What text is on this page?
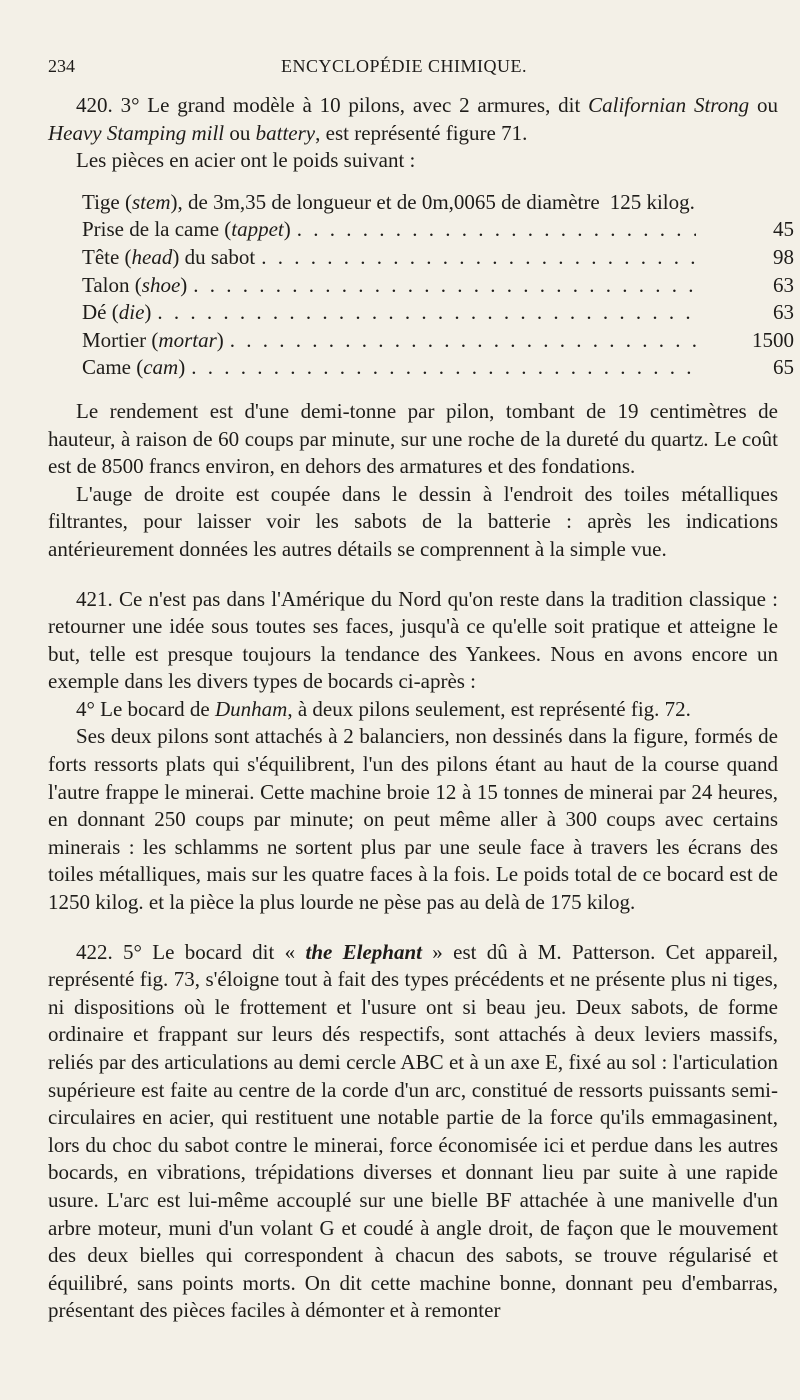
234	ENCYCLOPÉDIE CHIMIQUE.

420. 3° Le grand modèle à 10 pilons, avec 2 armures, dit Californian Strong ou Heavy Stamping mill ou battery, est représenté figure 71.

Les pièces en acier ont le poids suivant :

Tige (stem), de 3m,35 de longueur et de 0m,0065 de diamètre 125 kilog.
Prise de la came (tappet) . . .	45
Tête (head) du sabot . . .	98
Talon (shoe) . . .	63
Dé (die) . . .	63
Mortier (mortar) . . .	1500
Came (cam) . . .	65

Le rendement est d'une demi-tonne par pilon, tombant de 19 centimètres de hauteur, à raison de 60 coups par minute, sur une roche de la dureté du quartz. Le coût est de 8500 francs environ, en dehors des armatures et des fondations.

L'auge de droite est coupée dans le dessin à l'endroit des toiles métalliques filtrantes, pour laisser voir les sabots de la batterie : après les indications antérieurement données les autres détails se comprennent à la simple vue.

421. Ce n'est pas dans l'Amérique du Nord qu'on reste dans la tradition classique : retourner une idée sous toutes ses faces, jusqu'à ce qu'elle soit pratique et atteigne le but, telle est presque toujours la tendance des Yankees. Nous en avons encore un exemple dans les divers types de bocards ci-après :

4° Le bocard de Dunham, à deux pilons seulement, est représenté fig. 72.

Ses deux pilons sont attachés à 2 balanciers, non dessinés dans la figure, formés de forts ressorts plats qui s'équilibrent, l'un des pilons étant au haut de la course quand l'autre frappe le minerai. Cette machine broie 12 à 15 tonnes de minerai par 24 heures, en donnant 250 coups par minute; on peut même aller à 300 coups avec certains minerais : les schlamms ne sortent plus par une seule face à travers les écrans des toiles métalliques, mais sur les quatre faces à la fois. Le poids total de ce bocard est de 1250 kilog. et la pièce la plus lourde ne pèse pas au delà de 175 kilog.

422. 5° Le bocard dit « the Elephant » est dû à M. Patterson. Cet appareil, représenté fig. 73, s'éloigne tout à fait des types précédents et ne présente plus ni tiges, ni dispositions où le frottement et l'usure ont si beau jeu. Deux sabots, de forme ordinaire et frappant sur leurs dés respectifs, sont attachés à deux leviers massifs, reliés par des articulations au demi cercle ABC et à un axe E, fixé au sol : l'articulation supérieure est faite au centre de la corde d'un arc, constitué de ressorts puissants semi-circulaires en acier, qui restituent une notable partie de la force qu'ils emmagasinent, lors du choc du sabot contre le minerai, force économisée ici et perdue dans les autres bocards, en vibrations, trépidations diverses et donnant lieu par suite à une rapide usure. L'arc est lui-même accouplé sur une bielle BF attachée à une manivelle d'un arbre moteur, muni d'un volant G et coudé à angle droit, de façon que le mouvement des deux bielles qui correspondent à chacun des sabots, se trouve régularisé et équilibré, sans points morts. On dit cette machine bonne, donnant peu d'embarras, présentant des pièces faciles à démonter et à remonter
